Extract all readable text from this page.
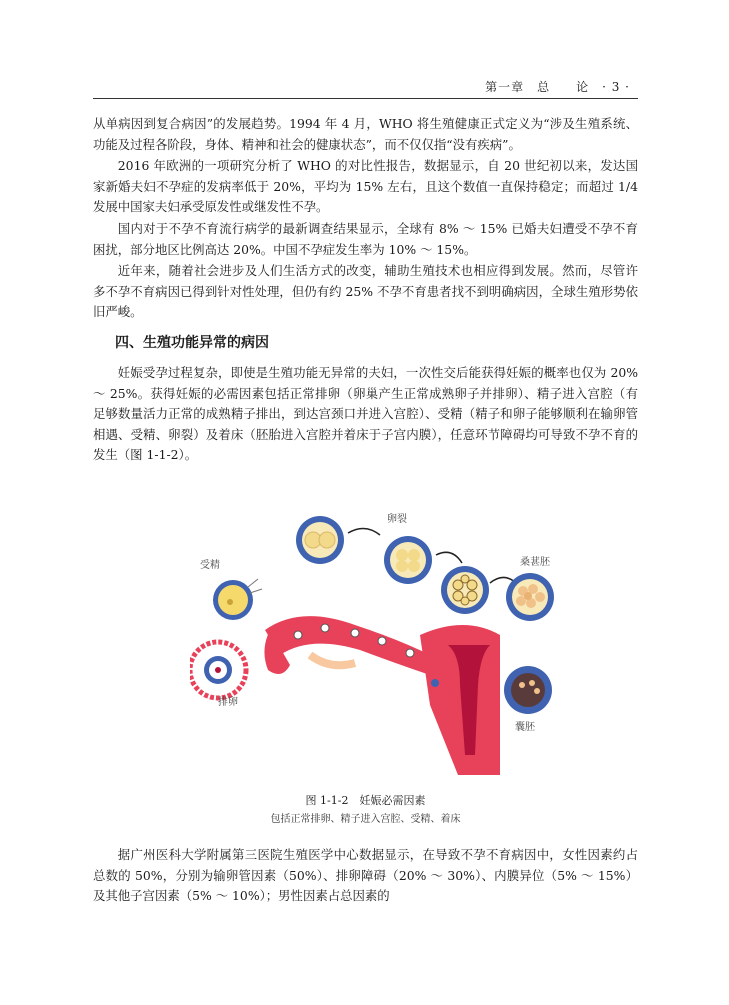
第一章　总　　论　· 3 ·

从单病因到复合病因”的发展趋势。1994 年 4 月，WHO 将生殖健康正式定义为“涉及生殖系统、功能及过程各阶段，身体、精神和社会的健康状态”，而不仅仅指“没有疾病”。

2016 年欧洲的一项研究分析了 WHO 的对比性报告，数据显示，自 20 世纪初以来，发达国家新婚夫妇不孕症的发病率低于 20%，平均为 15% 左右，且这个数值一直保持稳定；而超过 1/4 发展中国家夫妇承受原发性或继发性不孕。

国内对于不孕不育流行病学的最新调查结果显示，全球有 8% ～ 15% 已婚夫妇遭受不孕不育困扰，部分地区比例高达 20%。中国不孕症发生率为 10% ～ 15%。

近年来，随着社会进步及人们生活方式的改变，辅助生殖技术也相应得到发展。然而，尽管许多不孕不育病因已得到针对性处理，但仍有约 25% 不孕不育患者找不到明确病因，全球生殖形势依旧严峻。

四、生殖功能异常的病因

妊娠受孕过程复杂，即使是生殖功能无异常的夫妇，一次性交后能获得妊娠的概率也仅为 20% ～ 25%。获得妊娠的必需因素包括正常排卵（卵巢产生正常成熟卵子并排卵）、精子进入宫腔（有足够数量活力正常的成熟精子排出，到达宫颈口并进入宫腔）、受精（精子和卵子能够顺利在输卵管相遇、受精、卵裂）及着床（胚胎进入宫腔并着床于子宫内膜），任意环节障碍均可导致不孕不育的发生（图 1-1-2）。

卵裂
桑葚胚
受精
排卵
囊胚
图 1-1-2　妊娠必需因素
包括正常排卵、精子进入宫腔、受精、着床

据广州医科大学附属第三医院生殖医学中心数据显示，在导致不孕不育病因中，女性因素约占总数的 50%，分别为输卵管因素（50%）、排卵障碍（20% ～ 30%）、内膜异位（5% ～ 15%）及其他子宫因素（5% ～ 10%）；男性因素占总因素的
